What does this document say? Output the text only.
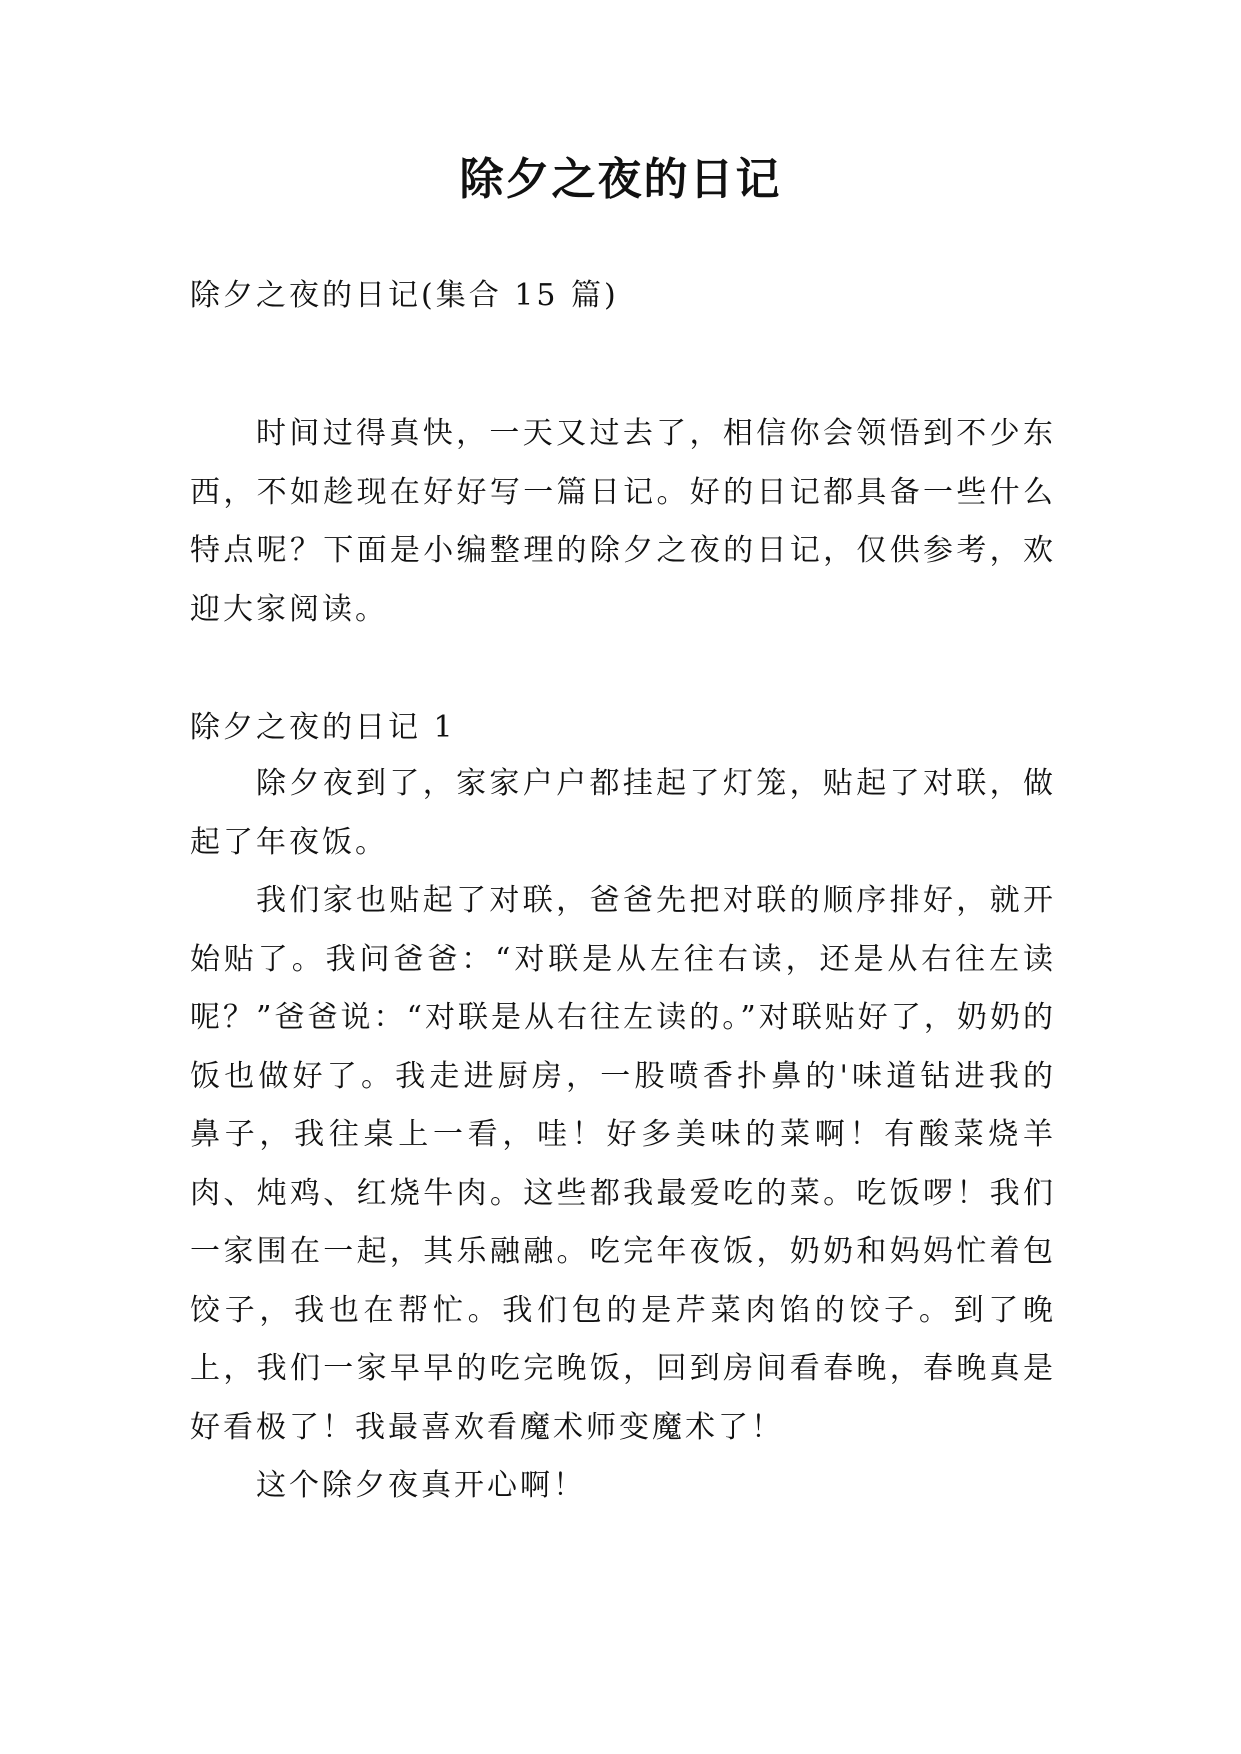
除夕之夜的日记

除夕之夜的日记(集合 15 篇)

时间过得真快，一天又过去了，相信你会领悟到不少东西，不如趁现在好好写一篇日记。好的日记都具备一些什么特点呢？下面是小编整理的除夕之夜的日记，仅供参考，欢迎大家阅读。

除夕之夜的日记 1

除夕夜到了，家家户户都挂起了灯笼，贴起了对联，做起了年夜饭。

我们家也贴起了对联，爸爸先把对联的顺序排好，就开始贴了。我问爸爸：“对联是从左往右读，还是从右往左读呢？”爸爸说：“对联是从右往左读的。”对联贴好了，奶奶的饭也做好了。我走进厨房，一股喷香扑鼻的'味道钻进我的鼻子，我往桌上一看，哇！好多美味的菜啊！有酸菜烧羊肉、炖鸡、红烧牛肉。这些都我最爱吃的菜。吃饭啰！我们一家围在一起，其乐融融。吃完年夜饭，奶奶和妈妈忙着包饺子，我也在帮忙。我们包的是芹菜肉馅的饺子。到了晚上，我们一家早早的吃完晚饭，回到房间看春晚，春晚真是好看极了！我最喜欢看魔术师变魔术了！

这个除夕夜真开心啊！
